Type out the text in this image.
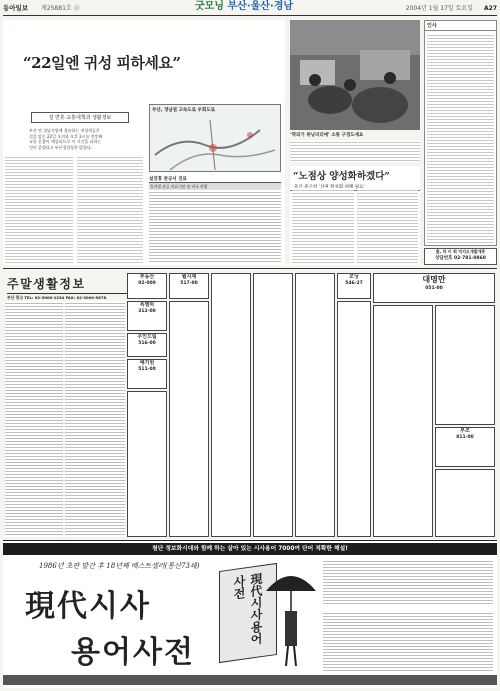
동아일보 제25881호 ⓓ	굿모닝 부산·울산·경남	2004년 1월 17일 토요일 A27
“22일엔 귀성 피하세요”
설 연휴 교통대책과 생활정보
부산 및 경남지방에 경유하는 귀성객들은
설을 앞둔 22일 오전과 오후 2시를 전후해
교통 혼잡이 예상되므로 이 시간을 피하는
것이 좋겠다고 부산경찰청은 밝혔다.
부산, 경남권 고속도로 우회도로
설연휴 관공서 진료
일자별 관공 의료기관 및 약국 현황
‘막의기 위닝리더에’ 소통 구경도세요
“노점상 양성화하겠다”
인사
출, 하 이 회 억지도개발개층
상담번호 02-781-0860
주말생활정보
부산 광고 TEL: 02-3000-1234 FAX: 02-3000-5678
부동산
02-000
특별하
312-00
우인드림
516-00
예기원
511-00
월시재
517-00
모닝
546-27	대명만
051-00
부조
811-00
첨단 정보화시대와 함께 하는 살아 있는 시사용어 7000여 단어 적확한 해설!
1986년 초판 발간 후 18년째 베스트셀러(통산73쇄)
現代시사
용어사전
現代시사용어사전
